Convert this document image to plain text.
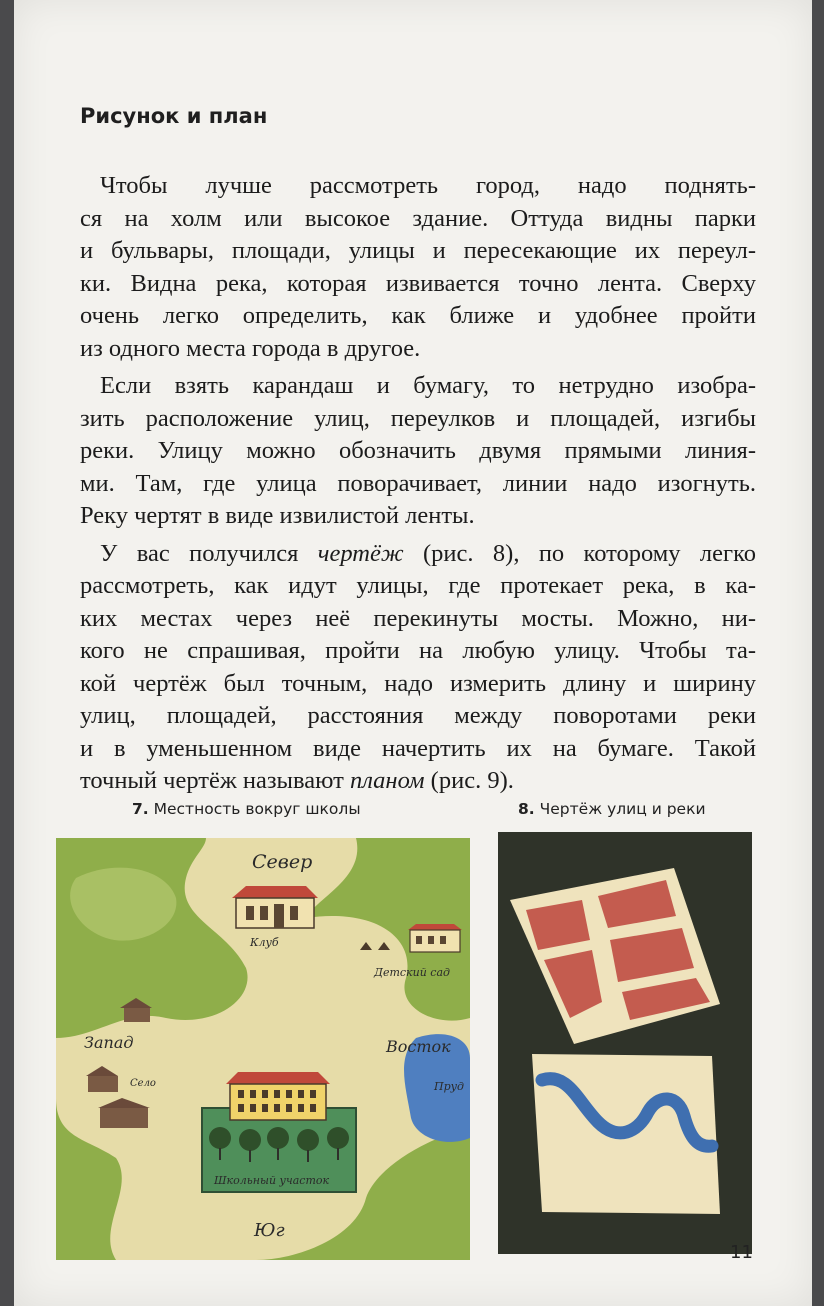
Рисунок и план

Чтобы лучше рассмотреть город, надо поднять-
ся на холм или высокое здание. Оттуда видны парки
и бульвары, площади, улицы и пересекающие их переул-
ки. Видна река, которая извивается точно лента. Сверху
очень легко определить, как ближе и удобнее пройти
из одного места города в другое.

Если взять карандаш и бумагу, то нетрудно изобра-
зить расположение улиц, переулков и площадей, изгибы
реки. Улицу можно обозначить двумя прямыми линия-
ми. Там, где улица поворачивает, линии надо изогнуть.
Реку чертят в виде извилистой ленты.

У вас получился чертёж (рис. 8), по которому легко
рассмотреть, как идут улицы, где протекает река, в ка-
ких местах через неё перекинуты мосты. Можно, ни-
кого не спрашивая, пройти на любую улицу. Чтобы та-
кой чертёж был точным, надо измерить длину и ширину
улиц, площадей, расстояния между поворотами реки
и в уменьшенном виде начертить их на бумаге. Такой
точный чертёж называют планом (рис. 9).

7. Местность вокруг школы	8. Чертёж улиц и реки
Север
Клуб
Детский сад
Запад
Село
Восток
Пруд
Школьный участок
Юг
11
